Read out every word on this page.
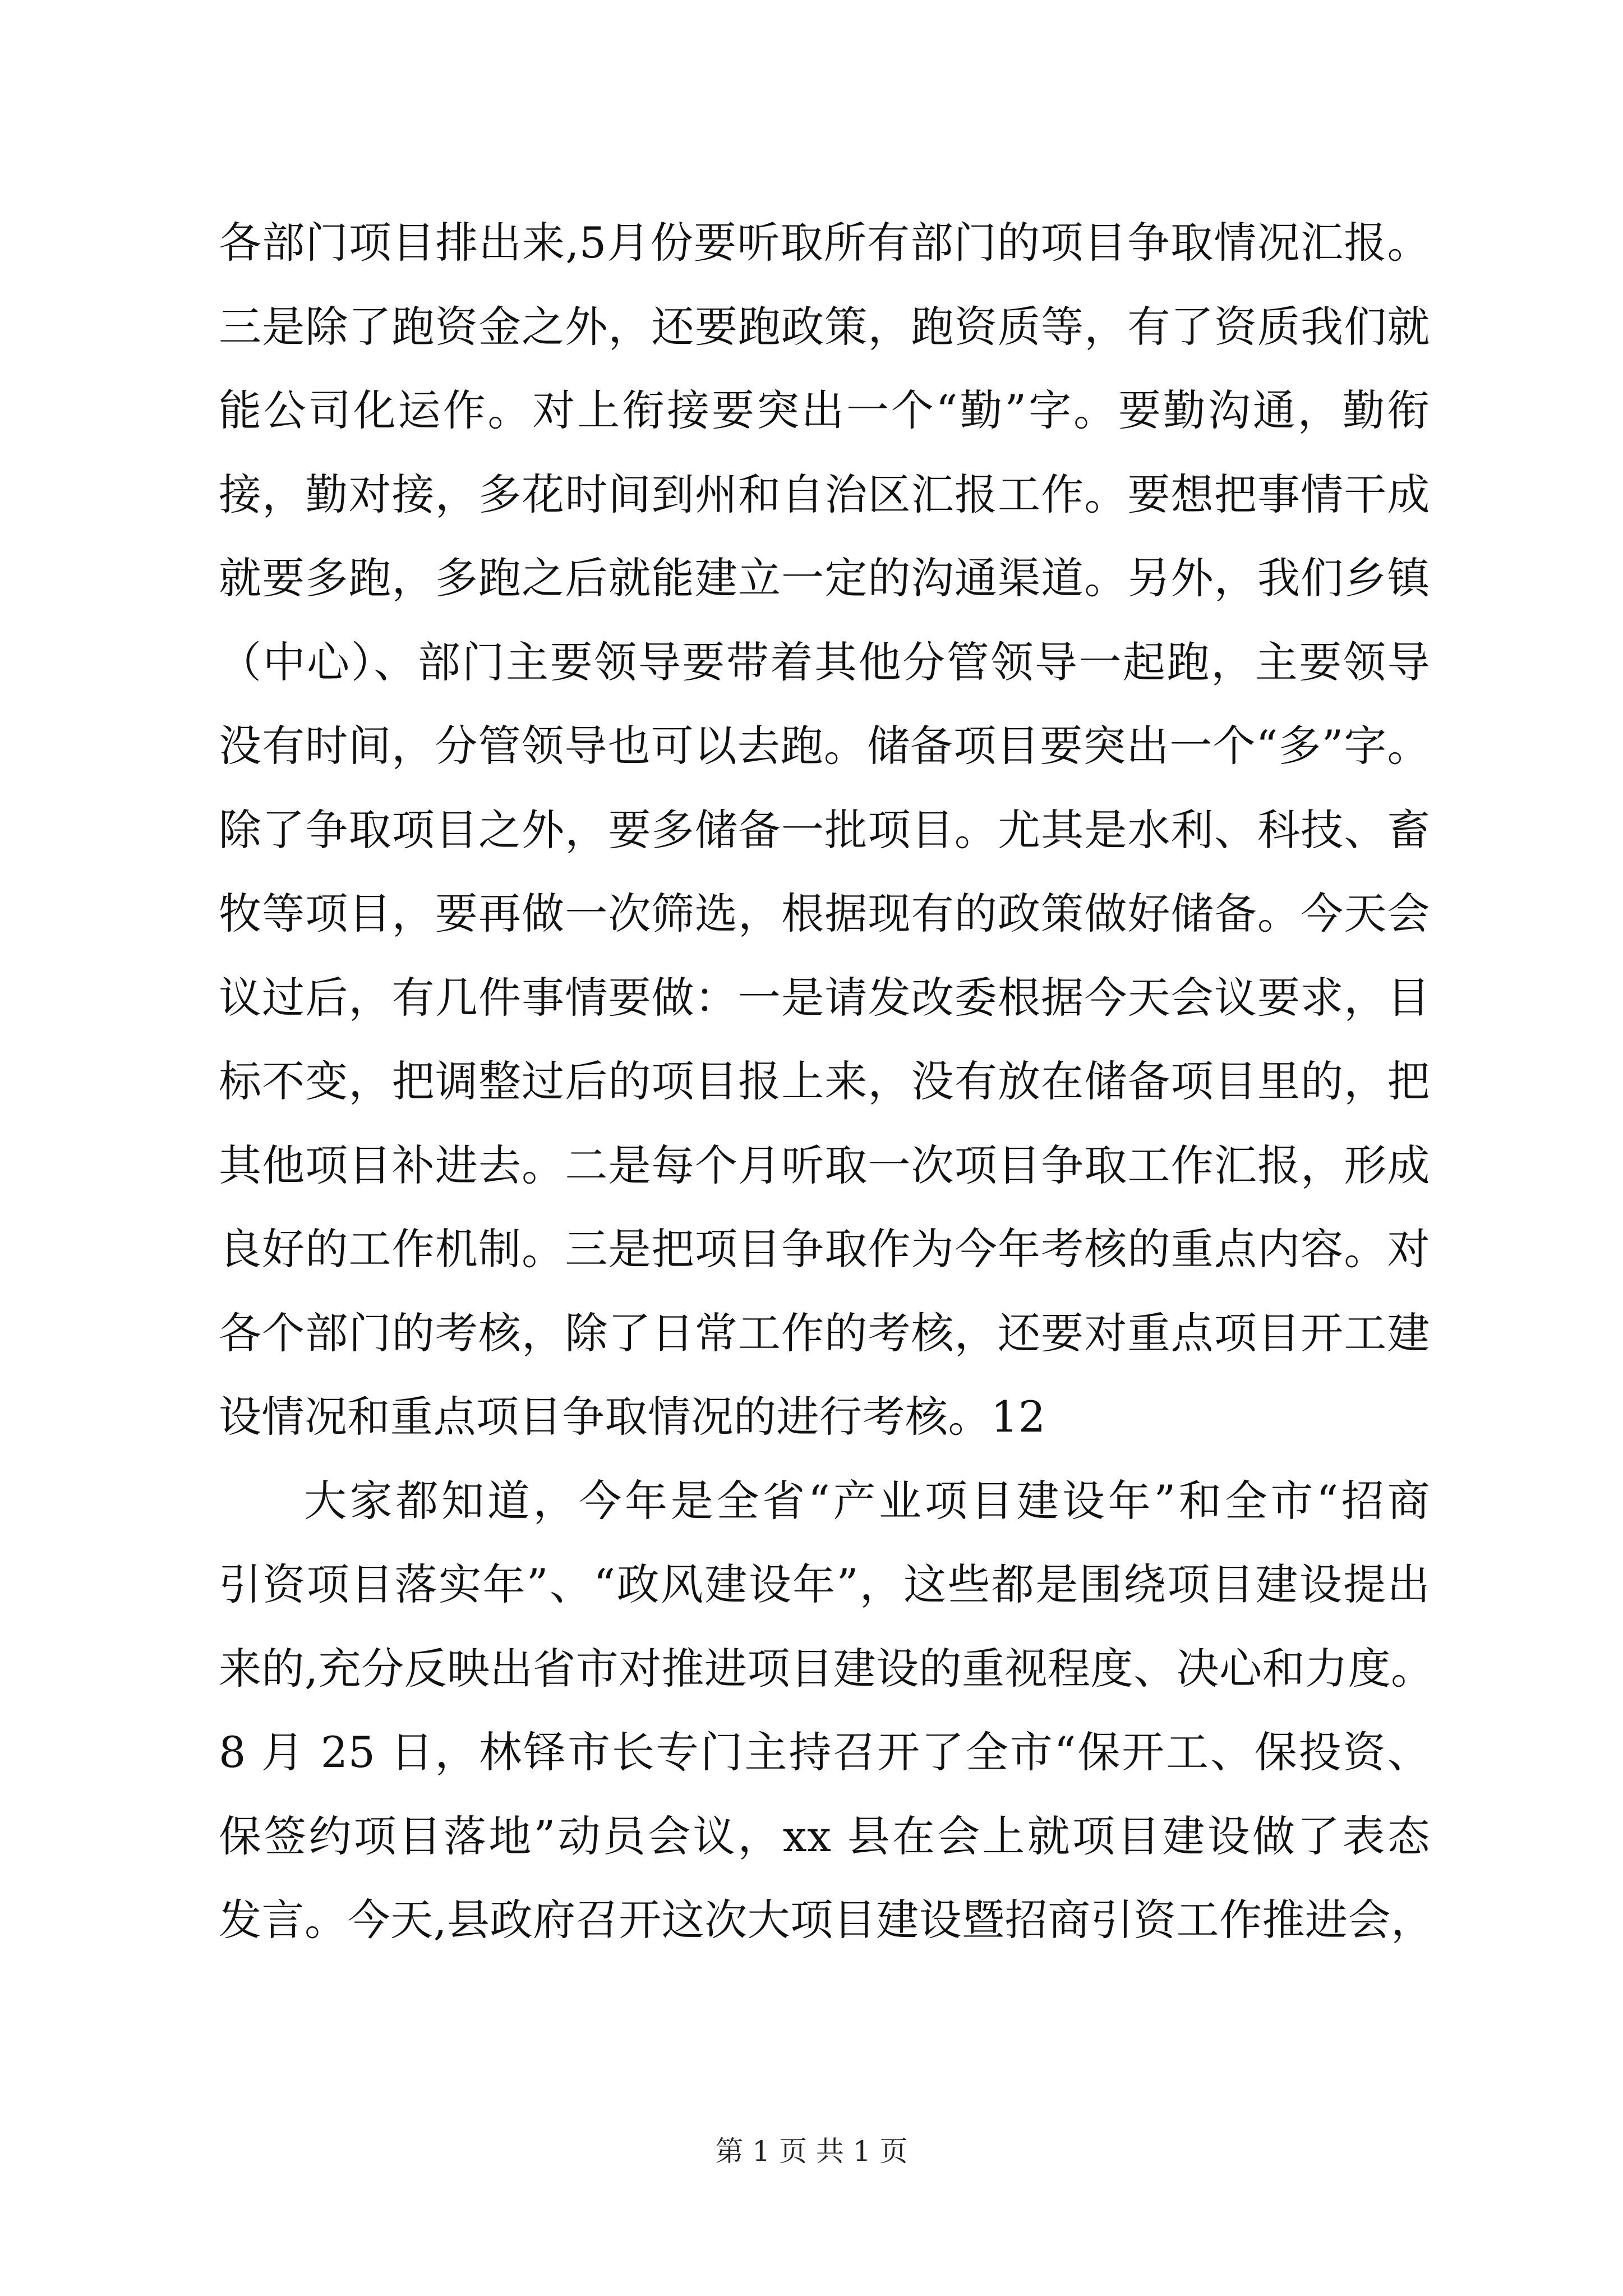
各部门项目排出来,5月份要听取所有部门的项目争取情况汇报。
三是除了跑资金之外，还要跑政策，跑资质等，有了资质我们就
能公司化运作。对上衔接要突出一个“勤”字。要勤沟通，勤衔
接，勤对接，多花时间到州和自治区汇报工作。要想把事情干成
就要多跑，多跑之后就能建立一定的沟通渠道。另外，我们乡镇
（中心）、部门主要领导要带着其他分管领导一起跑，主要领导
没有时间，分管领导也可以去跑。储备项目要突出一个“多”字。
除了争取项目之外，要多储备一批项目。尤其是水利、科技、畜
牧等项目，要再做一次筛选，根据现有的政策做好储备。今天会
议过后，有几件事情要做：一是请发改委根据今天会议要求，目
标不变，把调整过后的项目报上来，没有放在储备项目里的，把
其他项目补进去。二是每个月听取一次项目争取工作汇报，形成
良好的工作机制。三是把项目争取作为今年考核的重点内容。对
各个部门的考核，除了日常工作的考核，还要对重点项目开工建
设情况和重点项目争取情况的进行考核。12
大家都知道，今年是全省“产业项目建设年”和全市“招商
引资项目落实年”、“政风建设年”，这些都是围绕项目建设提出
来的,充分反映出省市对推进项目建设的重视程度、决心和力度。
8 月 25 日，林铎市长专门主持召开了全市“保开工、保投资、
保签约项目落地”动员会议，xx 县在会上就项目建设做了表态
发言。今天,县政府召开这次大项目建设暨招商引资工作推进会，
第 1 页 共 1 页
